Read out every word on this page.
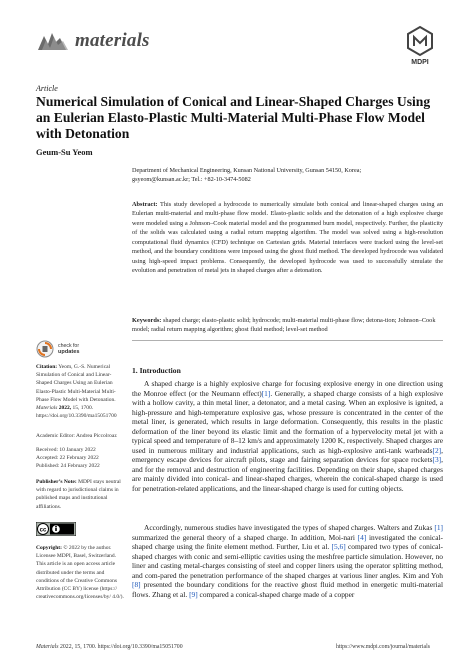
materials
MDPI
Article
Numerical Simulation of Conical and Linear-Shaped Charges Using an Eulerian Elasto-Plastic Multi-Material Multi-Phase Flow Model with Detonation
Geum-Su Yeom
Department of Mechanical Engineering, Kunsan National University, Gunsan 54150, Korea;
gsyeom@kunsan.ac.kr; Tel.: +82-10-3474-5082
Abstract: This study developed a hydrocode to numerically simulate both conical and linear-shaped charges using an Eulerian multi-material and multi-phase flow model. Elasto-plastic solids and the detonation of a high explosive charge were modeled using a Johnson–Cook material model and the programmed burn model, respectively. Further, the plasticity of the solids was calculated using a radial return mapping algorithm. The model was solved using a high-resolution computational fluid dynamics (CFD) technique on Cartesian grids. Material interfaces were tracked using the level-set method, and the boundary conditions were imposed using the ghost fluid method. The developed hydrocode was validated using high-speed impact problems. Consequently, the developed hydrocode was used to successfully simulate the evolution and penetration of metal jets in shaped charges after a detonation.
Keywords: shaped charge; elasto-plastic solid; hydrocode; multi-material multi-phase flow; detona-tion; Johnson–Cook model; radial return mapping algorithm; ghost fluid method; level-set method
check for
updates
Citation: Yeom, G.-S. Numerical Simulation of Conical and Linear-Shaped Charges Using an Eulerian Elasto-Plastic Multi-Material Multi-Phase Flow Model with Detonation. Materials 2022, 15, 1700. https://doi.org/10.3390/ma15051700
Academic Editor: Andrea Piccolroaz
Received: 10 January 2022
Accepted: 22 February 2022
Published: 24 February 2022
Publisher’s Note: MDPI stays neutral with regard to jurisdictional claims in published maps and institutional affiliations.
cc
Copyright: © 2022 by the author. Licensee MDPI, Basel, Switzerland. This article is an open access article distributed under the terms and conditions of the Creative Commons Attribution (CC BY) license (https:// creativecommons.org/licenses/by/ 4.0/).
1. Introduction

A shaped charge is a highly explosive charge for focusing explosive energy in one direction using the Monroe effect (or the Neumann effect)[1]. Generally, a shaped charge consists of a high explosive with a hollow cavity, a thin metal liner, a detonator, and a metal casing. When an explosive is ignited, a high-pressure and high-temperature explosive gas, whose pressure is concentrated in the center of the metal liner, is generated, which results in large deformation. Consequently, this results in the plastic deformation of the liner beyond its elastic limit and the formation of a hypervelocity metal jet with a typical speed and temperature of 8–12 km/s and approximately 1200 K, respectively. Shaped charges are used in numerous military and industrial applications, such as high-explosive anti-tank warheads[2], emergency escape devices for aircraft pilots, stage and fairing separation devices for space rockets[3], and for the removal and destruction of engineering facilities. Depending on their shape, shaped charges are mainly divided into conical- and linear-shaped charges, wherein the conical-shaped charge is used for penetration-related applications, and the linear-shaped charge is used for cutting objects.

Accordingly, numerous studies have investigated the types of shaped charges. Walters and Zukas [1] summarized the general theory of a shaped charge. In addition, Moi-nari [4] investigated the conical-shaped charge using the finite element method. Further, Liu et al. [5,6] compared two types of conical-shaped charges with conic and semi-elliptic cavities using the meshfree particle simulation. However, no liner and casting metal-charges consisting of steel and copper liners using the operator splitting method, and com-pared the penetration performance of the shaped charges at various liner angles. Kim and Yoh [8] presented the boundary conditions for the reactive ghost fluid method in energetic multi-material flows. Zhang et al. [9] compared a conical-shaped charge made of a copper

Materials 2022, 15, 1700. https://doi.org/10.3390/ma15051700	https://www.mdpi.com/journal/materials
